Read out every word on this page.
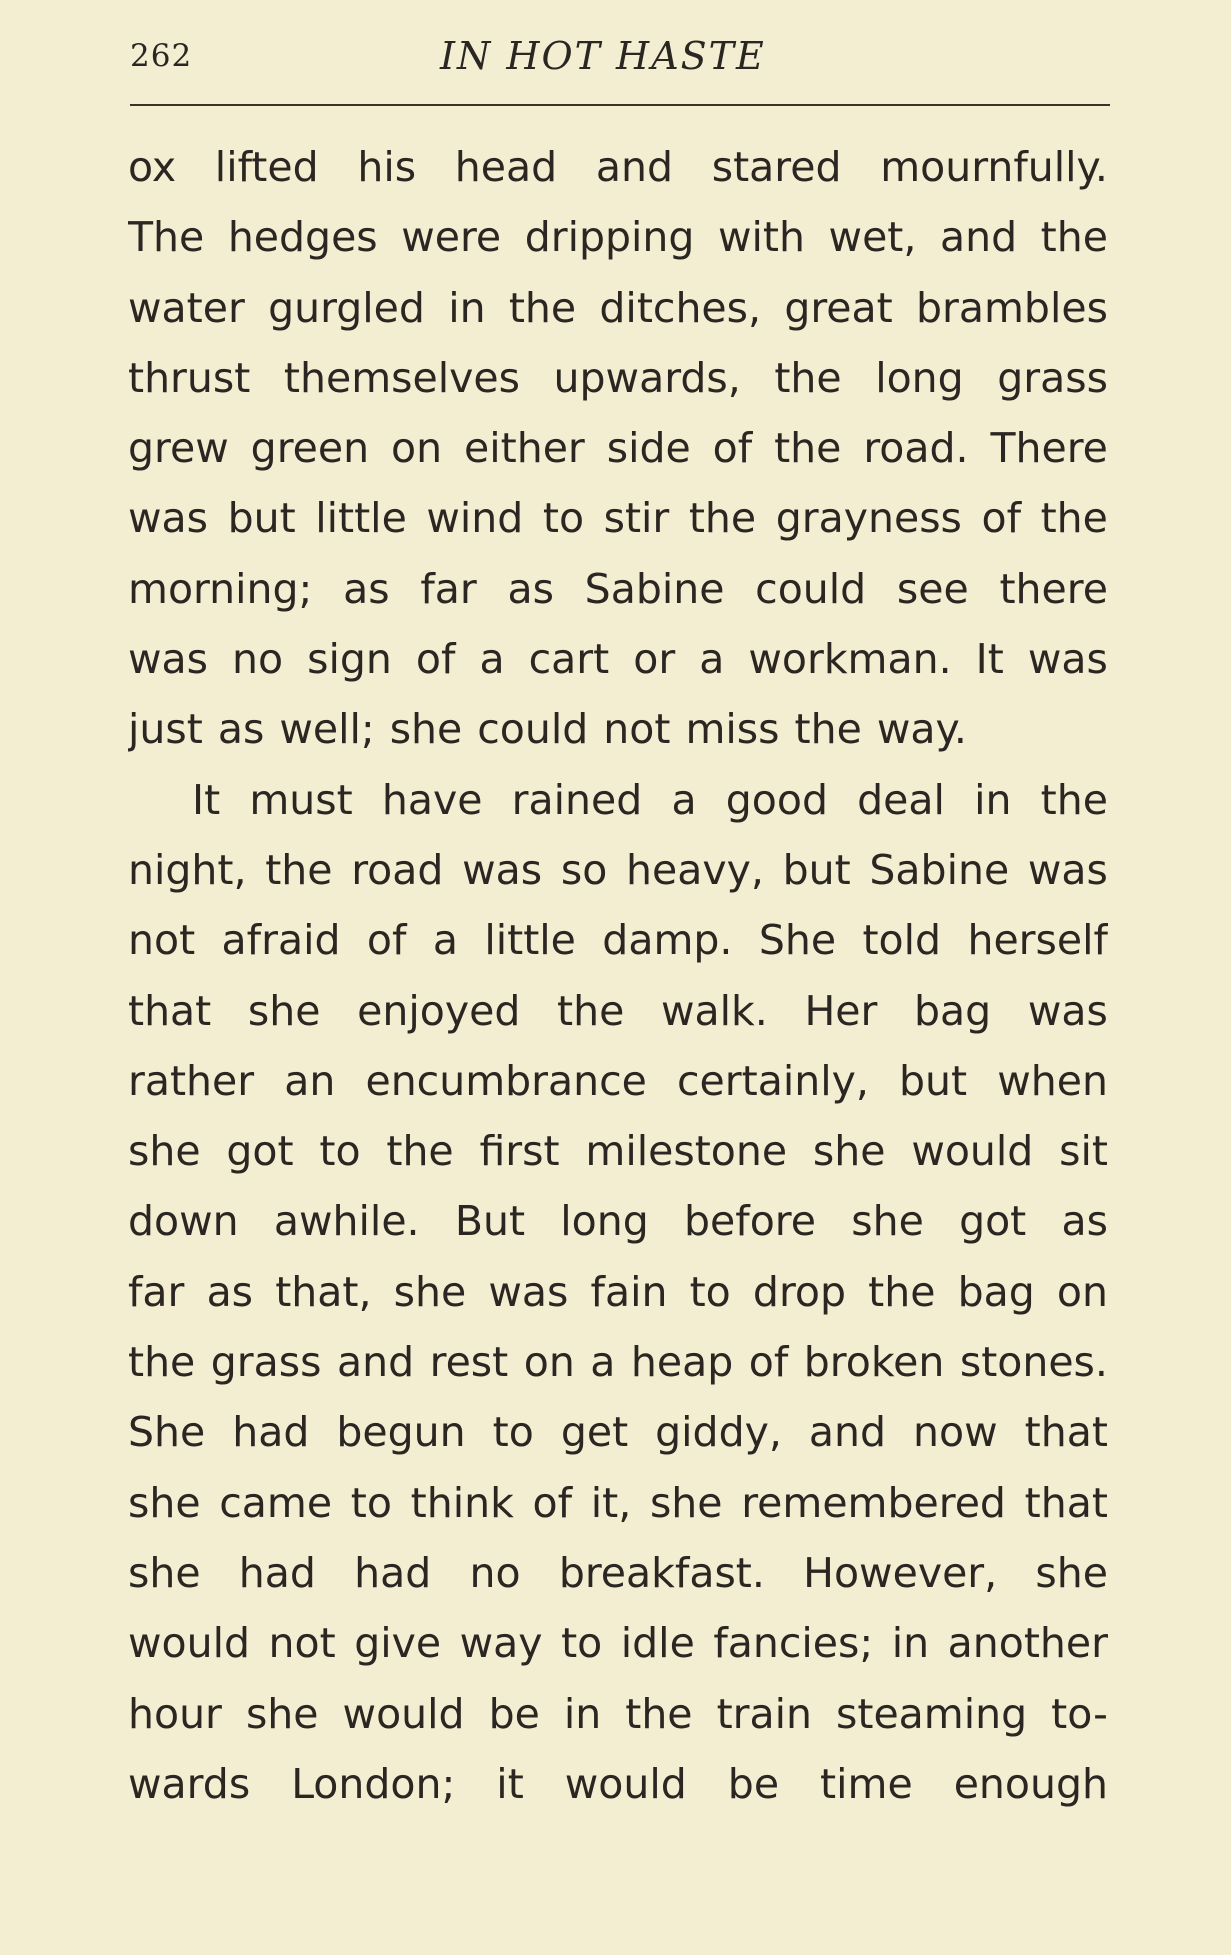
262	IN HOT HASTE
ox lifted his head and stared mournfully.
The hedges were dripping with wet, and the
water gurgled in the ditches, great brambles
thrust themselves upwards, the long grass
grew green on either side of the road. There
was but little wind to stir the grayness of the
morning; as far as Sabine could see there
was no sign of a cart or a workman. It was
just as well; she could not miss the way.
It must have rained a good deal in the
night, the road was so heavy, but Sabine was
not afraid of a little damp. She told herself
that she enjoyed the walk. Her bag was
rather an encumbrance certainly, but when
she got to the first milestone she would sit
down awhile. But long before she got as
far as that, she was fain to drop the bag on
the grass and rest on a heap of broken stones.
She had begun to get giddy, and now that
she came to think of it, she remembered that
she had had no breakfast. However, she
would not give way to idle fancies; in another
hour she would be in the train steaming to-
wards London; it would be time enough
